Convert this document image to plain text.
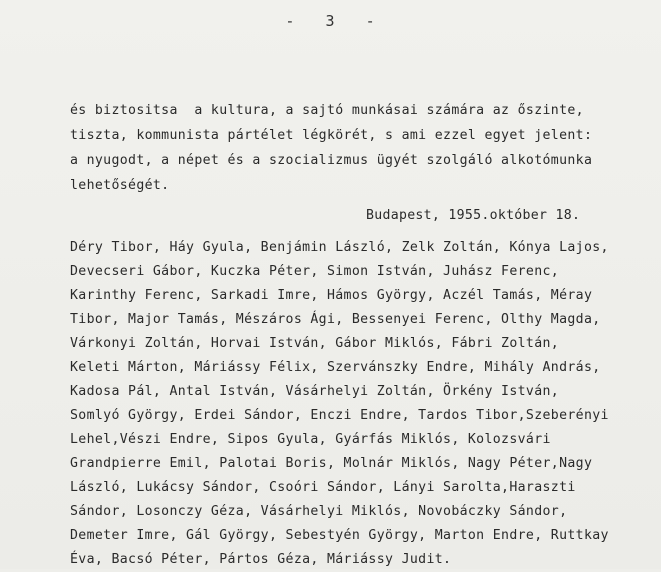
-   3   -
és biztositsa  a kultura, a sajtó munkásai számára az őszinte,
tiszta, kommunista pártélet légkörét, s ami ezzel egyet jelent:
a nyugodt, a népet és a szocializmus ügyét szolgáló alkotómunka
lehetőségét.
Budapest, 1955.október 18.
Déry Tibor, Háy Gyula, Benjámin László, Zelk Zoltán, Kónya Lajos,
Devecseri Gábor, Kuczka Péter, Simon István, Juhász Ferenc,
Karinthy Ferenc, Sarkadi Imre, Hámos György, Aczél Tamás, Méray
Tibor, Major Tamás, Mészáros Ági, Bessenyei Ferenc, Olthy Magda,
Várkonyi Zoltán, Horvai István, Gábor Miklós, Fábri Zoltán,
Keleti Márton, Máriássy Félix, Szervánszky Endre, Mihály András,
Kadosa Pál, Antal István, Vásárhelyi Zoltán, Örkény István,
Somlyó György, Erdei Sándor, Enczi Endre, Tardos Tibor,Szeberényi
Lehel,Vészi Endre, Sipos Gyula, Gyárfás Miklós, Kolozsvári
Grandpierre Emil, Palotai Boris, Molnár Miklós, Nagy Péter,Nagy
László, Lukácsy Sándor, Csoóri Sándor, Lányi Sarolta,Haraszti
Sándor, Losonczy Géza, Vásárhelyi Miklós, Novobáczky Sándor,
Demeter Imre, Gál György, Sebestyén György, Marton Endre, Ruttkay
Éva, Bacsó Péter, Pártos Géza, Máriássy Judit.
